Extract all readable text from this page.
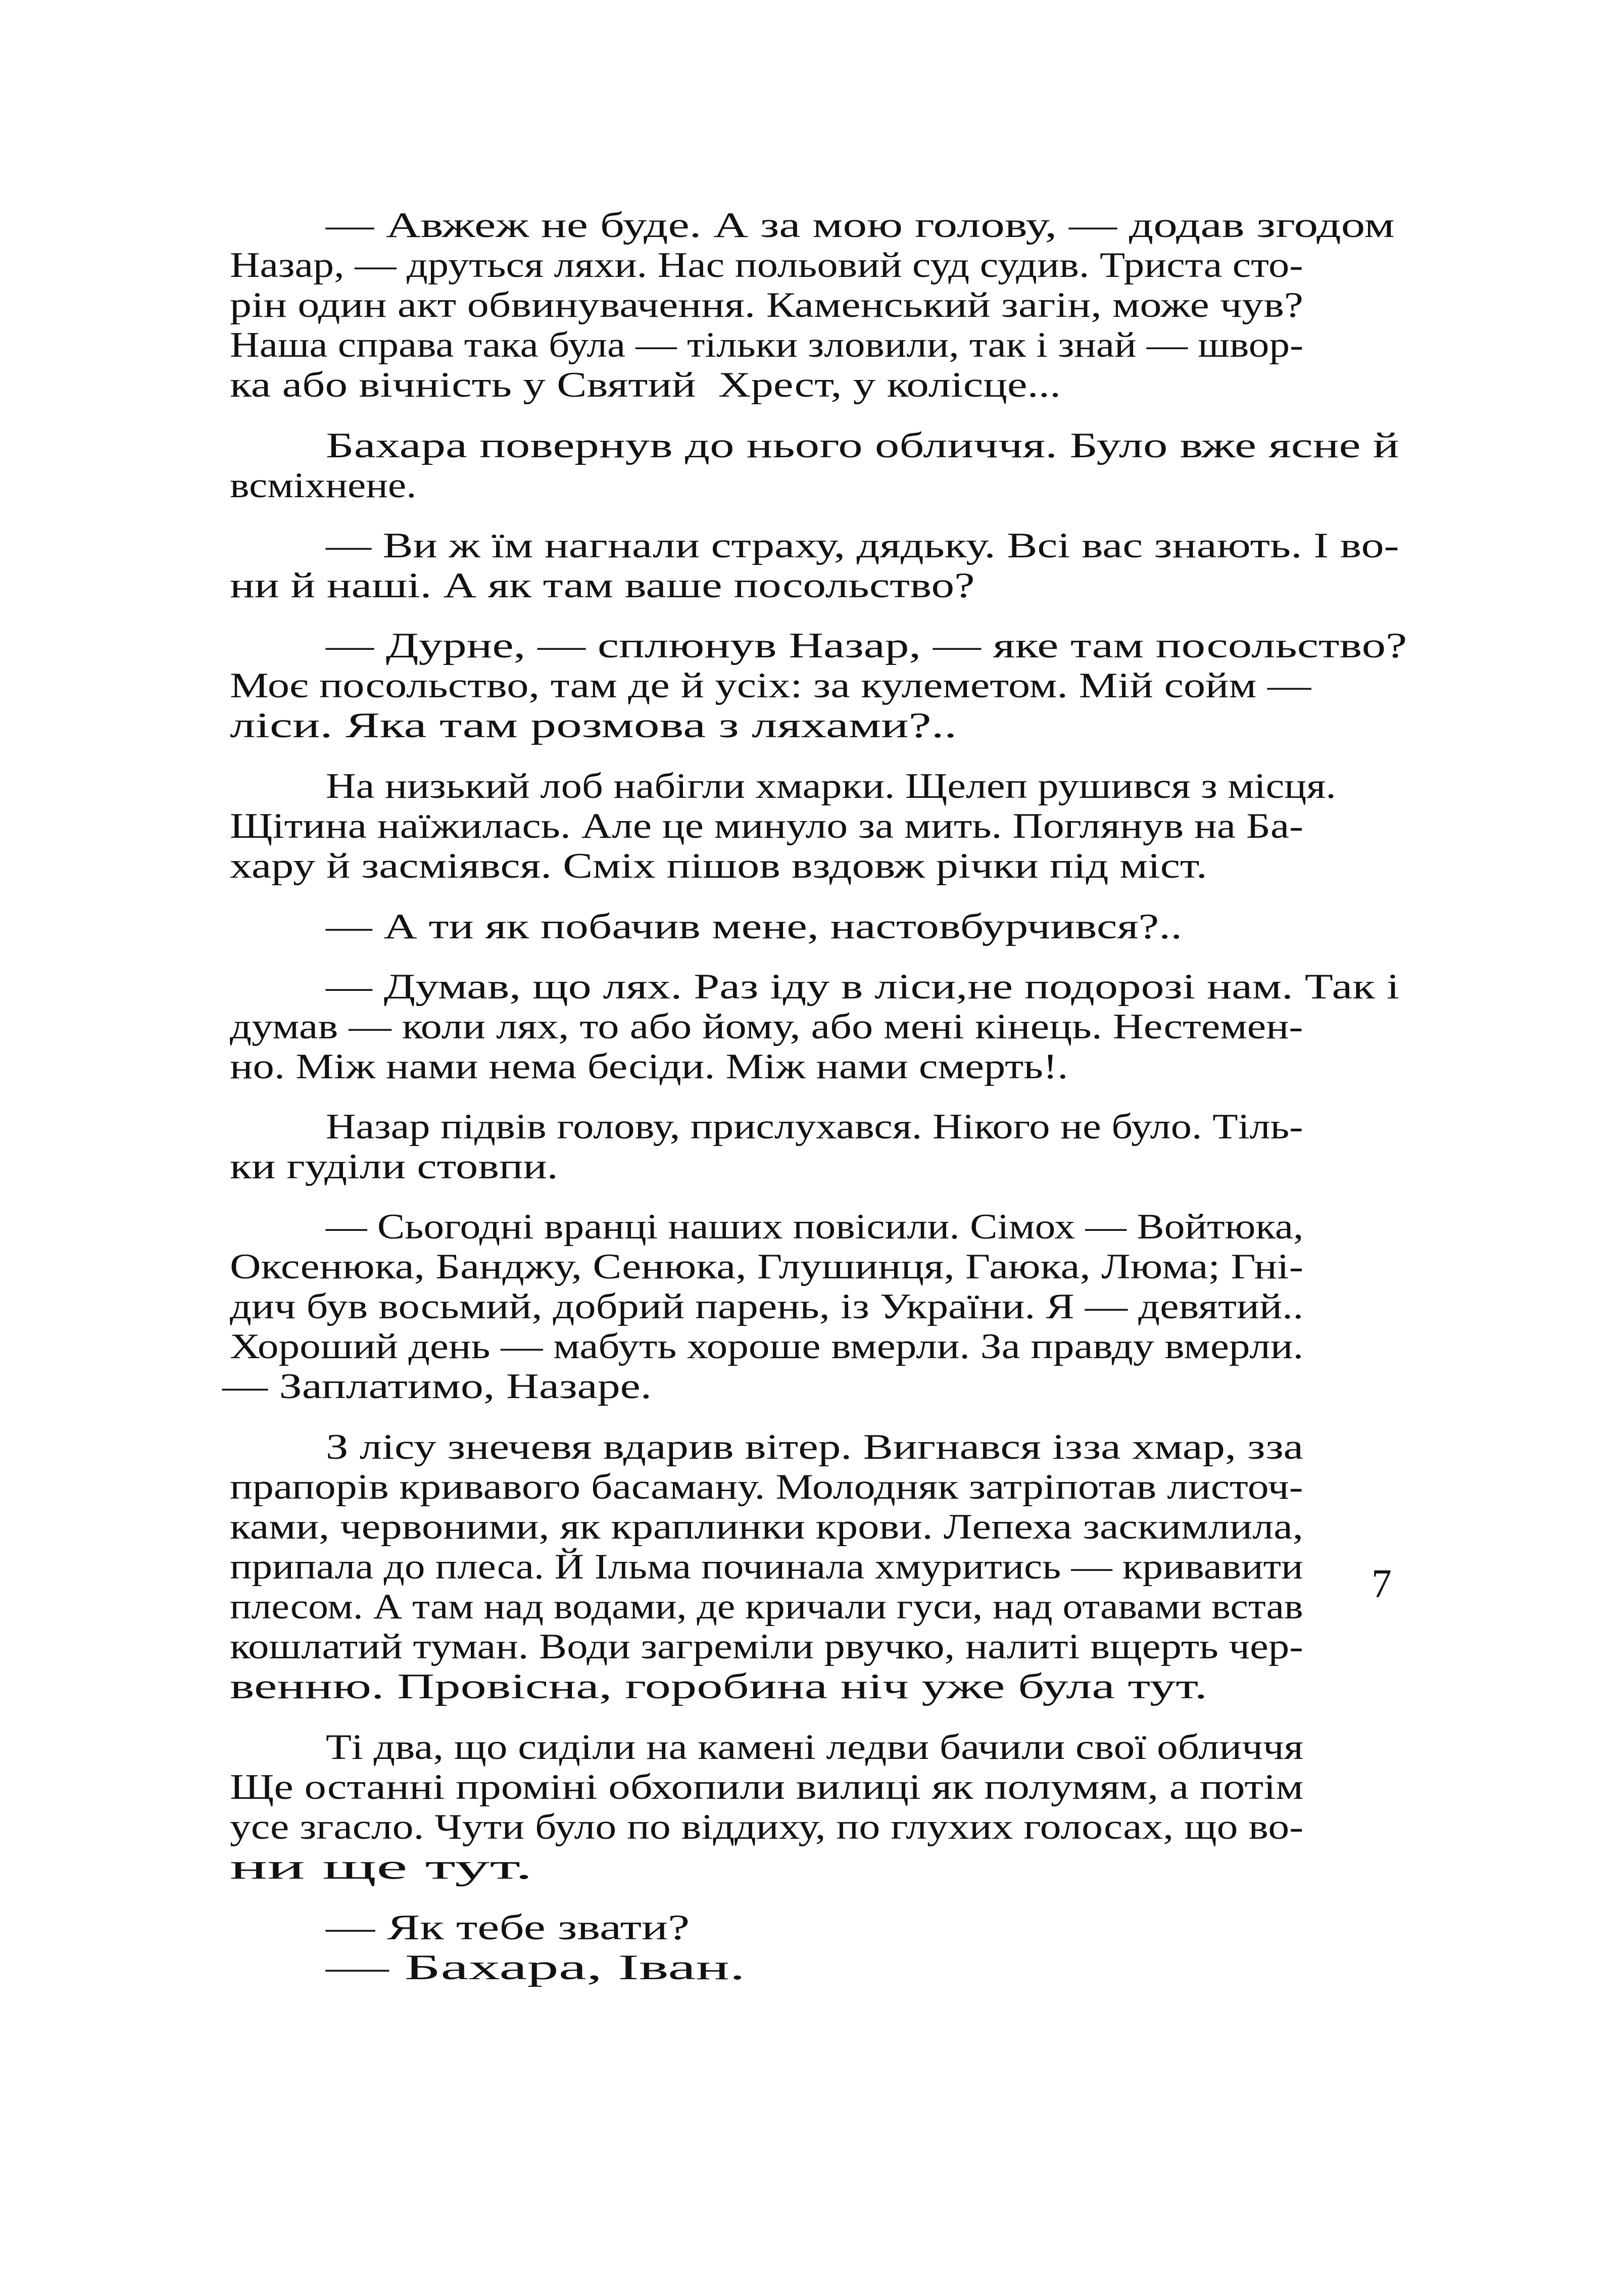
— Авжеж не буде. А за мою голову, — додав згодом
Назар, — друться ляхи. Нас польовий суд судив. Триста сто-
рін один акт обвинувачення. Каменський загін, може чув?
Наша справа така була — тільки зловили, так і знай — швор-
ка або вічність у Святий  Хрест, у колісце...
Бахара повернув до нього обличчя. Було вже ясне й
всміхнене.
— Ви ж їм нагнали страху, дядьку. Всі вас знають. І во-
ни й наші. А як там ваше посольство?
— Дурне, — сплюнув Назар, — яке там посольство?
Моє посольство, там де й усіх: за кулеметом. Мій сойм —
ліси. Яка там розмова з ляхами?..
На низький лоб набігли хмарки. Щелеп рушився з місця.
Щітина наїжилась. Але це минуло за мить. Поглянув на Ба-
хару й засміявся. Сміх пішов вздовж річки під міст.
— А ти як побачив мене, настовбурчився?..
— Думав, що лях. Раз іду в ліси,не подорозі нам. Так і
думав — коли лях, то або йому, або мені кінець. Нестемен-
но. Між нами нема бесіди. Між нами смерть!.
Назар підвів голову, прислухався. Нікого не було. Тіль-
ки гуділи стовпи.
— Сьогодні вранці наших повісили. Сімох — Войтюка,
Оксенюка, Банджу, Сенюка, Глушинця, Гаюка, Люма; Гні-
дич був восьмий, добрий парень, із України. Я — девятий..
Хороший день — мабуть хороше вмерли. За правду вмерли.
— Заплатимо, Назаре.
З лісу знечевя вдарив вітер. Вигнався ізза хмар, зза
прапорів кривавого басаману. Молодняк затріпотав листоч-
ками, червоними, як краплинки крови. Лепеха заскимлила,
припала до плеса. Й Ільма починала хмуритись — кривавити
плесом. А там над водами, де кричали гуси, над отавами встав
кошлатий туман. Води загреміли рвучко, налиті вщерть чер-
венню. Провісна, горобина ніч уже була тут.
Ті два, що сиділи на камені ледви бачили свої обличчя
Ще останні проміні обхопили вилиці як полумям, а потім
усе згасло. Чути було по віддиху, по глухих голосах, що во-
ни ще тут.
— Як тебе звати?
— Бахара, Іван.
7
